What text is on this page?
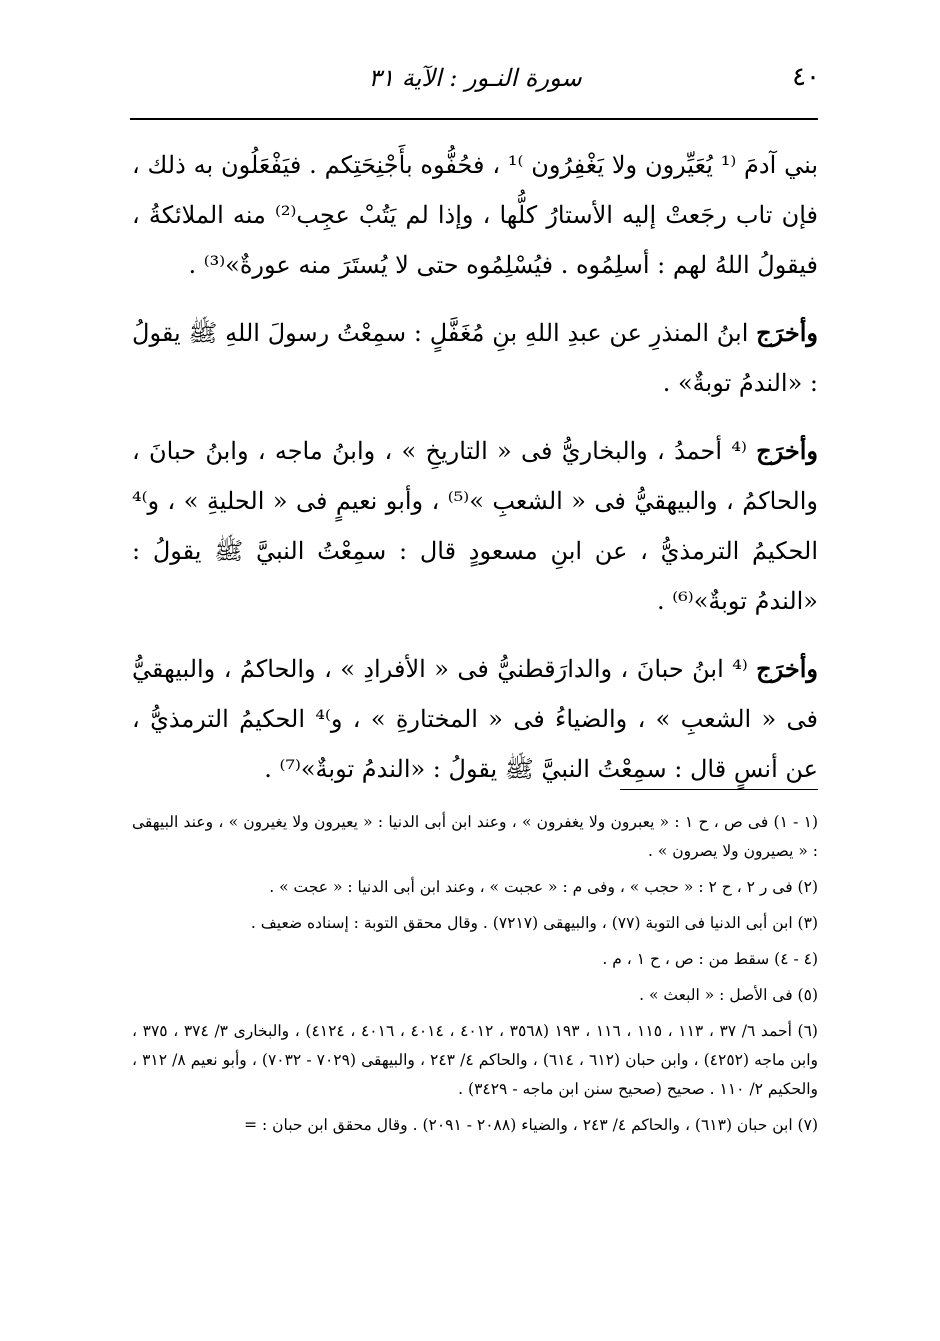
٤٠
سورة النـور : الآية ٣١

بني آدمَ ⁽¹ يُعَيِّرون ولا يَغْفِرُون ⁾¹ ، فحُفُّوه بأَجْنِحَتِكم . فيَفْعَلُون به ذلك ، فإن تاب رجَعتْ إليه الأستارُ كلُّها ، وإذا لم يَتُبْ عجِب⁽²⁾ منه الملائكةُ ، فيقولُ اللهُ لهم : أسلِمُوه . فيُسْلِمُوه حتى لا يُستَرَ منه عورةٌ»⁽³⁾ .

وأخرَج ابنُ المنذرِ عن عبدِ اللهِ بنِ مُغَفَّلٍ : سمِعْتُ رسولَ اللهِ ﷺ يقولُ : «الندمُ توبةٌ» .

وأخرَج ⁽⁴ أحمدُ ، والبخاريُّ فى « التاريخِ » ، وابنُ ماجه ، وابنُ حبانَ ، والحاكمُ ، والبيهقيُّ فى « الشعبِ »⁽⁵⁾ ، وأبو نعيمٍ فى « الحليةِ » ، و⁾⁴ الحكيمُ الترمذيُّ ، عن ابنِ مسعودٍ قال : سمِعْتُ النبيَّ ﷺ يقولُ : «الندمُ توبةٌ»⁽⁶⁾ .

وأخرَج ⁽⁴ ابنُ حبانَ ، والدارَقطنيُّ فى « الأفرادِ » ، والحاكمُ ، والبيهقيُّ فى « الشعبِ » ، والضياءُ فى « المختارةِ » ، و⁾⁴ الحكيمُ الترمذيُّ ، عن أنسٍ قال : سمِعْتُ النبيَّ ﷺ يقولُ : «الندمُ توبةٌ»⁽⁷⁾ .

(١ - ١) فى ص ، ح ١ : « يعبرون ولا يغفرون » ، وعند ابن أبى الدنيا : « يعيرون ولا يغيرون » ، وعند البيهقى : « يصيرون ولا يصرون » .
(٢) فى ر ٢ ، ح ٢ : « حجب » ، وفى م : « عجبت » ، وعند ابن أبى الدنيا : « عجت » .
(٣) ابن أبى الدنيا فى التوبة (٧٧) ، والبيهقى (٧٢١٧) . وقال محقق التوبة : إسناده ضعيف .
(٤ - ٤) سقط من : ص ، ح ١ ، م .
(٥) فى الأصل : « البعث » .
(٦) أحمد ٦/ ٣٧ ، ١١٣ ، ١١٥ ، ١١٦ ، ١٩٣ (٣٥٦٨ ، ٤٠١٢ ، ٤٠١٤ ، ٤٠١٦ ، ٤١٢٤) ، والبخارى ٣/ ٣٧٤ ، ٣٧٥ ، وابن ماجه (٤٢٥٢) ، وابن حبان (٦١٢ ، ٦١٤) ، والحاكم ٤/ ٢٤٣ ، والبيهقى (٧٠٢٩ - ٧٠٣٢) ، وأبو نعيم ٨/ ٣١٢ ، والحكيم ٢/ ١١٠ . صحيح (صحيح سنن ابن ماجه - ٣٤٢٩) .
(٧) ابن حبان (٦١٣) ، والحاكم ٤/ ٢٤٣ ، والضياء (٢٠٨٨ - ٢٠٩١) . وقال محقق ابن حبان : =
